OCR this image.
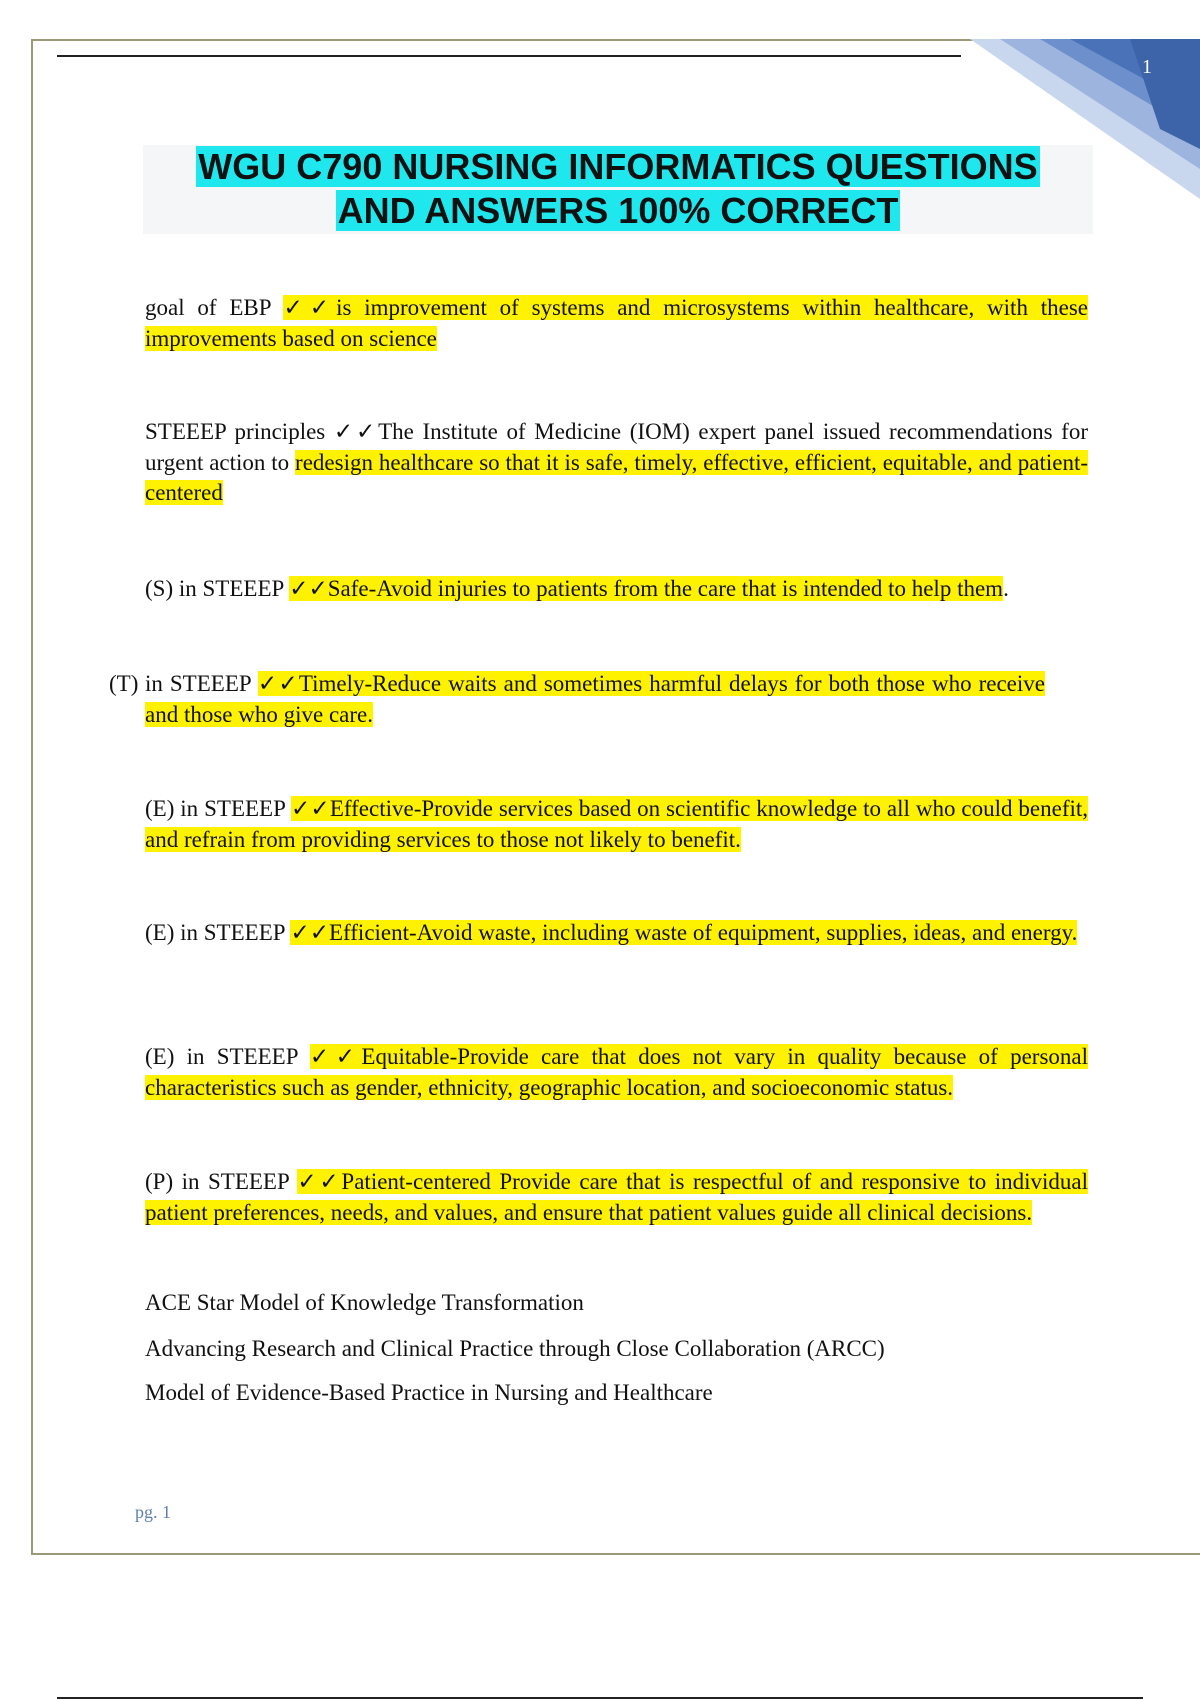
1
WGU C790 NURSING INFORMATICS QUESTIONS
AND ANSWERS 100% CORRECT
goal of EBP ✓✓is improvement of systems and microsystems within healthcare, with these improvements based on science
STEEEP principles ✓✓The Institute of Medicine (IOM) expert panel issued recommendations for urgent action to redesign healthcare so that it is safe, timely, effective, efficient, equitable, and patient-centered
(S) in STEEEP ✓✓Safe-Avoid injuries to patients from the care that is intended to help them.
(T) in STEEEP ✓✓Timely-Reduce waits and sometimes harmful delays for both those who receive and those who give care.
(E) in STEEEP ✓✓Effective-Provide services based on scientific knowledge to all who could benefit, and refrain from providing services to those not likely to benefit.
(E) in STEEEP ✓✓Efficient-Avoid waste, including waste of equipment, supplies, ideas, and energy.
(E) in STEEEP ✓✓Equitable-Provide care that does not vary in quality because of personal characteristics such as gender, ethnicity, geographic location, and socioeconomic status.
(P) in STEEEP ✓✓Patient-centered Provide care that is respectful of and responsive to individual patient preferences, needs, and values, and ensure that patient values guide all clinical decisions.
ACE Star Model of Knowledge Transformation
Advancing Research and Clinical Practice through Close Collaboration (ARCC)
Model of Evidence-Based Practice in Nursing and Healthcare
pg. 1
